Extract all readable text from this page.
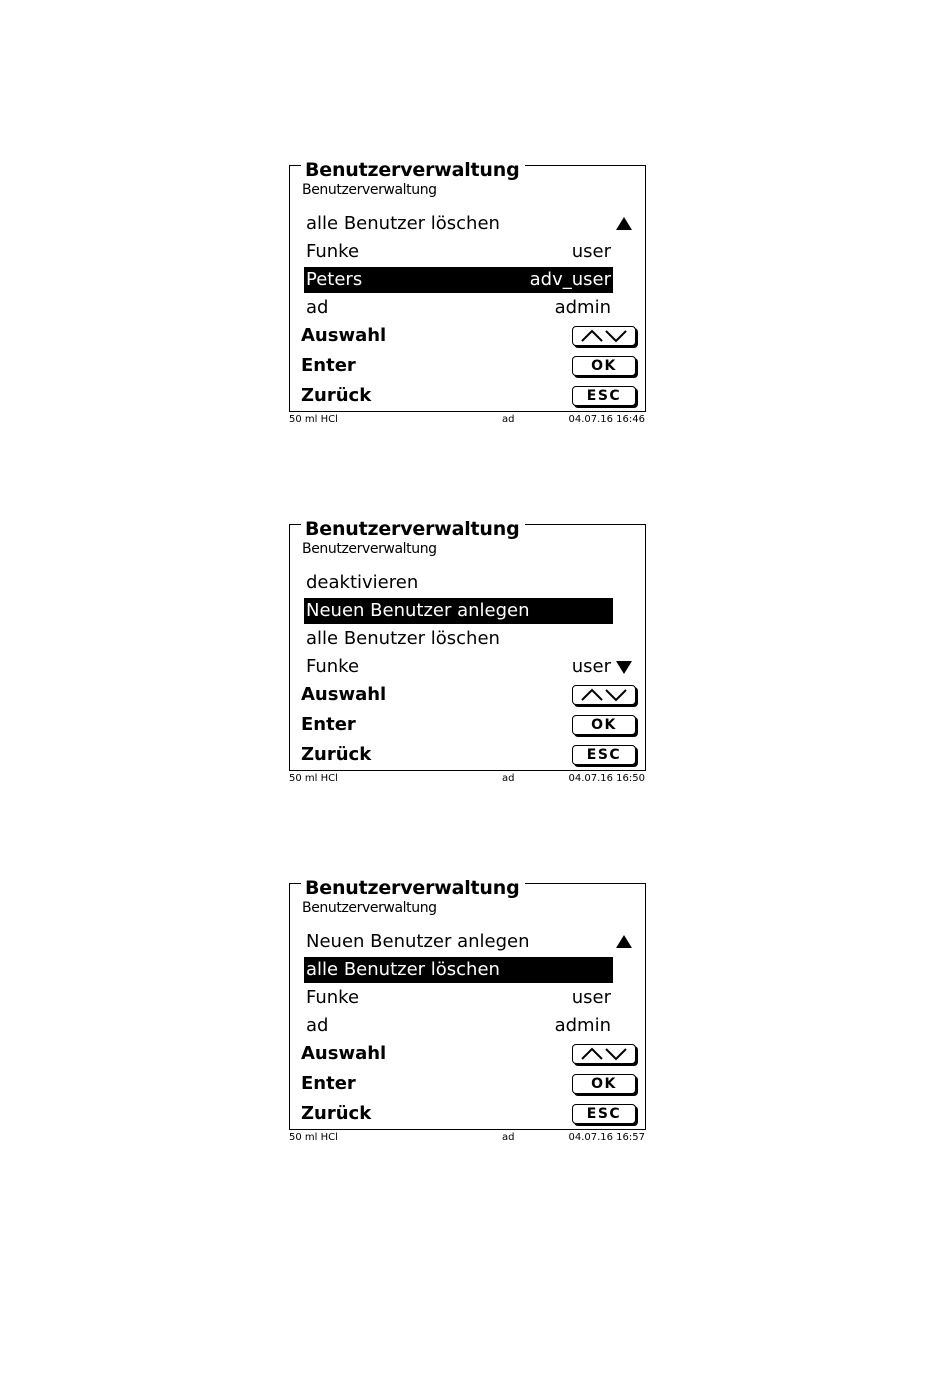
Benutzerverwaltung
Benutzerverwaltung
alle Benutzer löschen
Funke	user
Peters	adv_user
ad	admin
Auswahl
Enter	OK
Zurück	ESC
50 ml HCl	ad	04.07.16 16:46
Benutzerverwaltung
Benutzerverwaltung
deaktivieren
Neuen Benutzer anlegen
alle Benutzer löschen
Funke	user
Auswahl
Enter	OK
Zurück	ESC
50 ml HCl	ad	04.07.16 16:50
Benutzerverwaltung
Benutzerverwaltung
Neuen Benutzer anlegen
alle Benutzer löschen
Funke	user
ad	admin
Auswahl
Enter	OK
Zurück	ESC
50 ml HCl	ad	04.07.16 16:57
